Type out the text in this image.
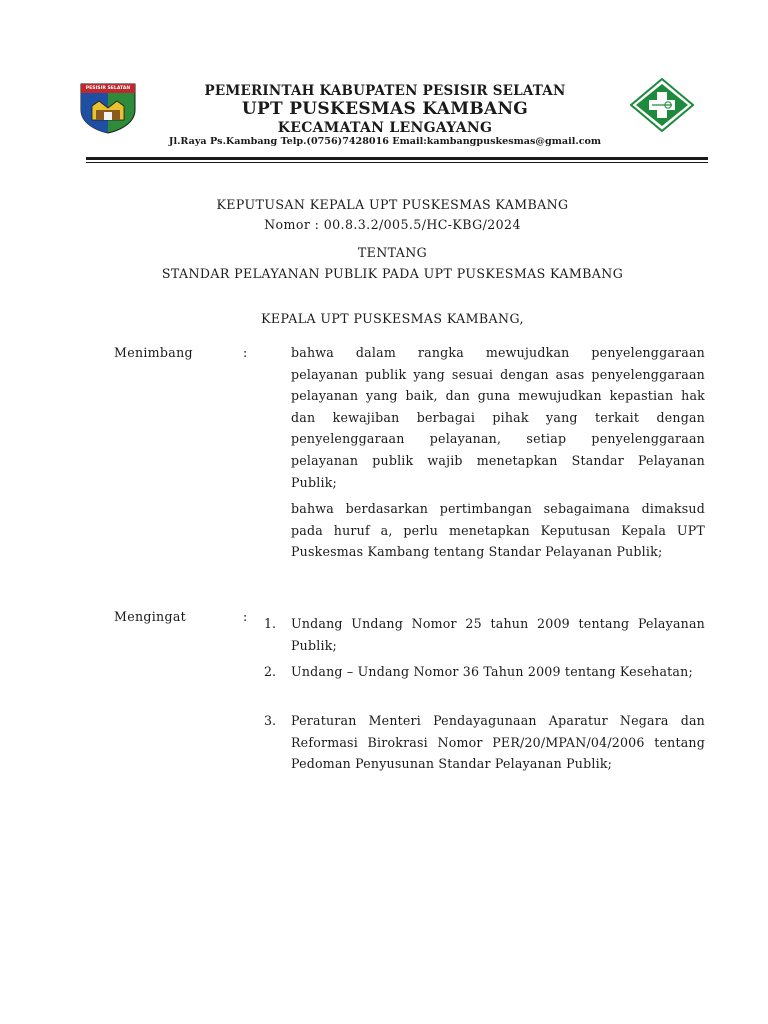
PESISIR SELATAN	PEMERINTAH KABUPATEN PESISIR SELATAN
UPT PUSKESMAS KAMBANG
KECAMATAN LENGAYANG
Jl.Raya Ps.Kambang Telp.(0756)7428016 Email:kambangpuskesmas@gmail.com
KEPUTUSAN KEPALA UPT PUSKESMAS KAMBANG
Nomor : 00.8.3.2/005.5/HC-KBG/2024
TENTANG
STANDAR PELAYANAN PUBLIK PADA UPT PUSKESMAS KAMBANG
KEPALA UPT PUSKESMAS KAMBANG,
Menimbang	:	bahwa dalam rangka mewujudkan penyelenggaraan pelayanan publik yang sesuai dengan asas penyelenggaraan pelayanan yang baik, dan guna mewujudkan kepastian hak dan kewajiban berbagai pihak yang terkait dengan penyelenggaraan pelayanan, setiap penyelenggaraan pelayanan publik wajib menetapkan Standar Pelayanan Publik;
bahwa berdasarkan pertimbangan sebagaimana dimaksud pada huruf a, perlu menetapkan Keputusan Kepala UPT Puskesmas Kambang tentang Standar Pelayanan Publik;
Mengingat	: 1. Undang Undang Nomor 25 tahun 2009 tentang Pelayanan Publik;
2. Undang – Undang Nomor 36 Tahun 2009 tentang Kesehatan;
3. Peraturan Menteri Pendayagunaan Aparatur Negara dan Reformasi Birokrasi Nomor PER/20/MPAN/04/2006 tentang Pedoman Penyusunan Standar Pelayanan Publik;
